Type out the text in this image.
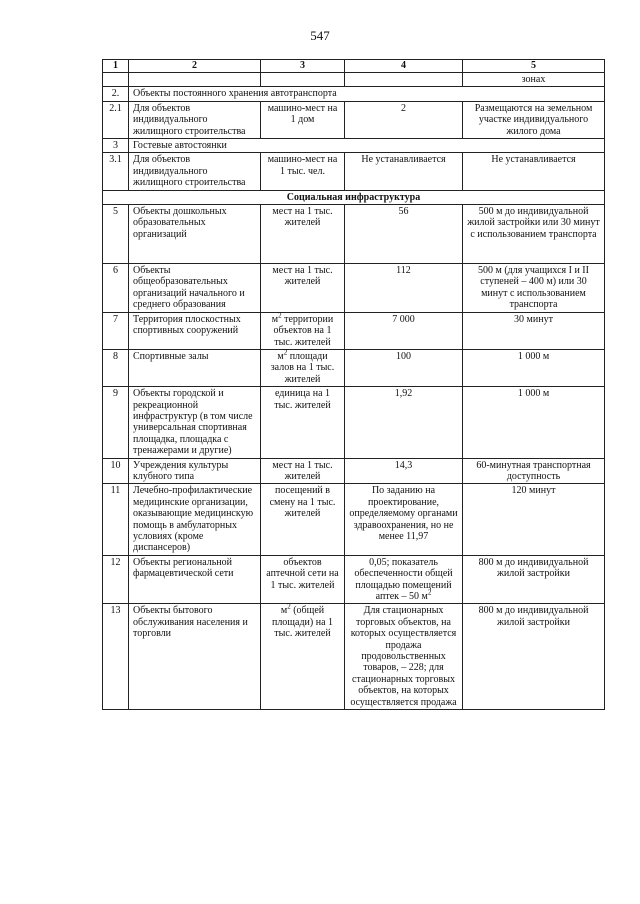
547
1	2	3	4	5
				зонах
2.	Объекты постоянного хранения автотранспорта			
2.1	Для объектов индивидуального жилищного строительства	машино-мест на 1 дом	2	Размещаются на земельном участке индивидуального жилого дома
3	Гостевые автостоянки			
3.1	Для объектов индивидуального жилищного строительства	машино-мест на 1 тыс. чел.	Не устанавливается	Не устанавливается
Социальная инфраструктура				
5	Объекты дошкольных образовательных организаций	мест на 1 тыс. жителей	56	500 м до индивидуальной жилой застройки или 30 минут с использованием транспорта
6	Объекты общеобразовательных организаций начального и среднего образования	мест на 1 тыс. жителей	112	500 м (для учащихся I и II ступеней – 400 м) или 30 минут с использованием транспорта
7	Территория плоскостных спортивных сооружений	$м^2$ территории объектов на 1 тыс. жителей	7 000	30 минут
8	Спортивные залы	$м^2$ площади залов на 1 тыс. жителей	100	1 000 м
9	Объекты городской и рекреационной инфраструктур (в том числе универсальная спортивная площадка, площадка с тренажерами и другие)	единица на 1 тыс. жителей	1,92	1 000 м
10	Учреждения культуры клубного типа	мест на 1 тыс. жителей	14,3	60-минутная транспортная доступность
11	Лечебно-профилактические медицинские организации, оказывающие медицинскую помощь в амбулаторных условиях (кроме диспансеров)	посещений в смену на 1 тыс. жителей	По заданию на проектирование, определяемому органами здравоохранения, но не менее 11,97	120 минут
12	Объекты региональной фармацевтической сети	объектов аптечной сети на 1 тыс. жителей	0,05; показатель обеспеченности общей площадью помещений аптек – 50 $м^2$	800 м до индивидуальной жилой застройки
13	Объекты бытового обслуживания населения и торговли	$м^2$ (общей площади) на 1 тыс. жителей	Для стационарных торговых объектов, на которых осуществляется продажа продовольственных товаров, – 228; для стационарных торговых объектов, на которых осуществляется продажа	800 м до индивидуальной жилой застройки
